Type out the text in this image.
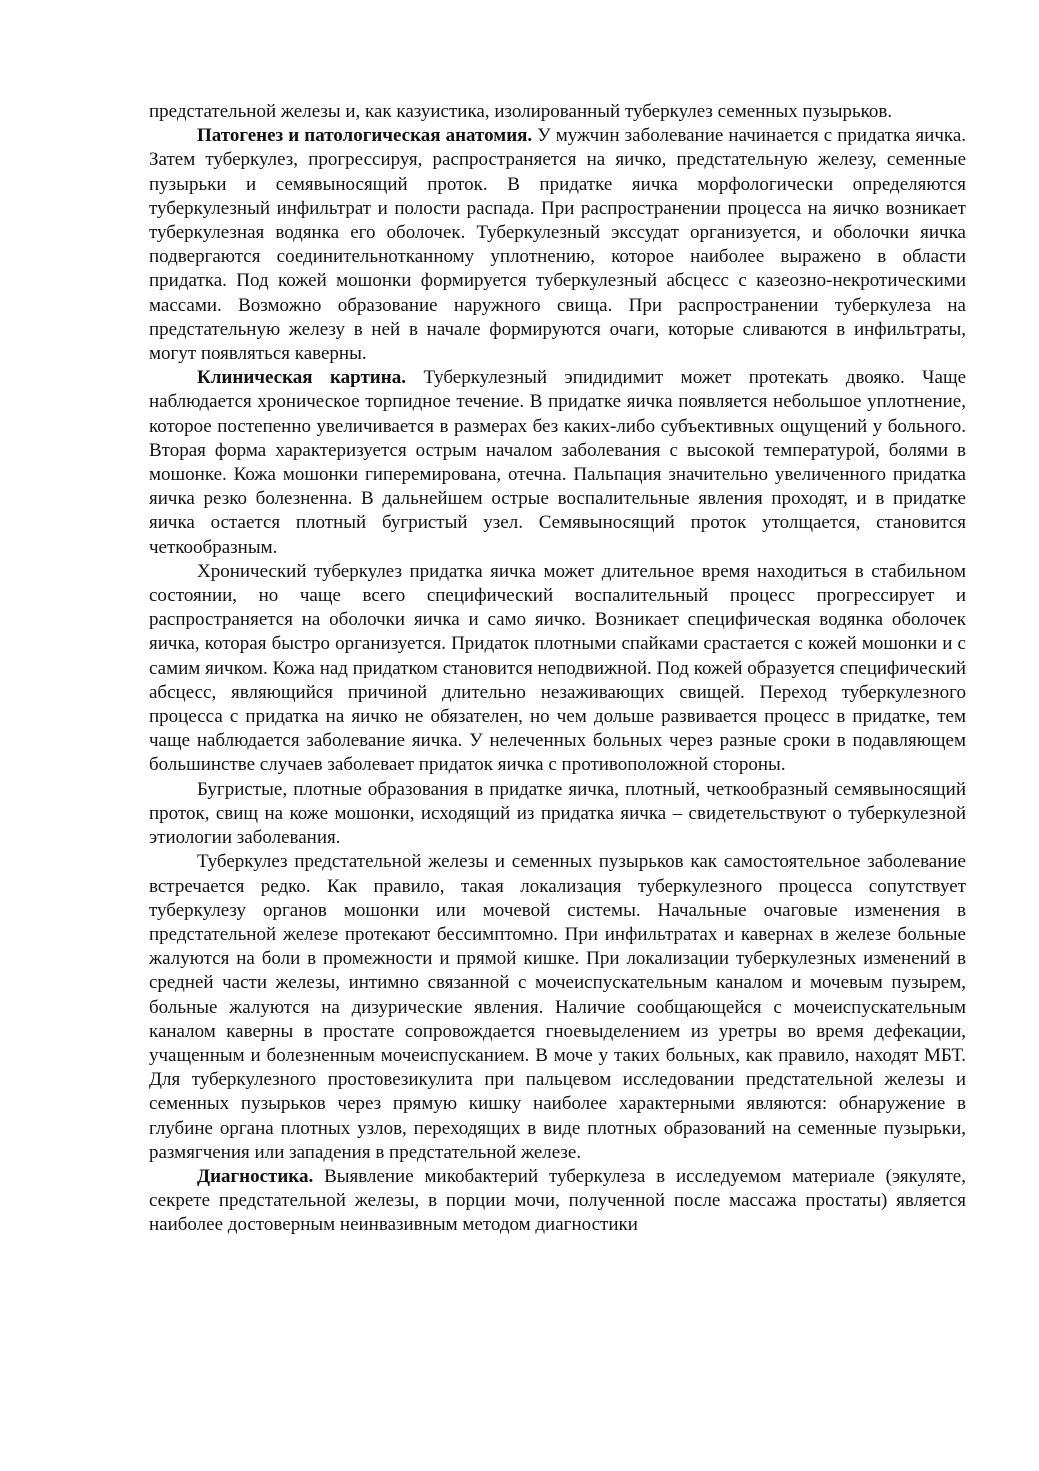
предстательной железы и, как казуистика, изолированный туберкулез семенных пузырьков.

Патогенез и патологическая анатомия. У мужчин заболевание начинается с придатка яичка. Затем туберкулез, прогрессируя, распространяется на яичко, предстательную железу, семенные пузырьки и семявыносящий проток. В придатке яичка морфологически определяются туберкулезный инфильтрат и полости распада. При распространении процесса на яичко возникает туберкулезная водянка его оболочек. Туберкулезный экссудат организуется, и оболочки яичка подвергаются соединительнотканному уплотнению, которое наиболее выражено в области придатка. Под кожей мошонки формируется туберкулезный абсцесс с казеозно-некротическими массами. Возможно образование наружного свища. При распространении туберкулеза на предстательную железу в ней в начале формируются очаги, которые сливаются в инфильтраты, могут появляться каверны.

Клиническая картина. Туберкулезный эпидидимит может протекать двояко. Чаще наблюдается хроническое торпидное течение. В придатке яичка появляется небольшое уплотнение, которое постепенно увеличивается в размерах без каких-либо субъективных ощущений у больного. Вторая форма характеризуется острым началом заболевания с высокой температурой, болями в мошонке. Кожа мошонки гиперемирована, отечна. Пальпация значительно увеличенного придатка яичка резко болезненна. В дальнейшем острые воспалительные явления проходят, и в придатке яичка остается плотный бугристый узел. Семявыносящий проток утолщается, становится четкообразным.

Хронический туберкулез придатка яичка может длительное время находиться в стабильном состоянии, но чаще всего специфический воспалительный процесс прогрессирует и распространяется на оболочки яичка и само яичко. Возникает специфическая водянка оболочек яичка, которая быстро организуется. Придаток плотными спайками срастается с кожей мошонки и с самим яичком. Кожа над придатком становится неподвижной. Под кожей образуется специфический абсцесс, являющийся причиной длительно незаживающих свищей. Переход туберкулезного процесса с придатка на яичко не обязателен, но чем дольше развивается процесс в придатке, тем чаще наблюдается заболевание яичка. У нелеченных больных через разные сроки в подавляющем большинстве случаев заболевает придаток яичка с противоположной стороны.

Бугристые, плотные образования в придатке яичка, плотный, четкообразный семявыносящий проток, свищ на коже мошонки, исходящий из придатка яичка – свидетельствуют о туберкулезной этиологии заболевания.

Туберкулез предстательной железы и семенных пузырьков как самостоятельное заболевание встречается редко. Как правило, такая локализация туберкулезного процесса сопутствует туберкулезу органов мошонки или мочевой системы. Начальные очаговые изменения в предстательной железе протекают бессимптомно. При инфильтратах и кавернах в железе больные жалуются на боли в промежности и прямой кишке. При локализации туберкулезных изменений в средней части железы, интимно связанной с мочеиспускательным каналом и мочевым пузырем, больные жалуются на дизурические явления. Наличие сообщающейся с мочеиспускательным каналом каверны в простате сопровождается гноевыделением из уретры во время дефекации, учащенным и болезненным мочеиспусканием. В моче у таких больных, как правило, находят МБТ. Для туберкулезного простовезикулита при пальцевом исследовании предстательной железы и семенных пузырьков через прямую кишку наиболее характерными являются: обнаружение в глубине органа плотных узлов, переходящих в виде плотных образований на семенные пузырьки, размягчения или западения в предстательной железе.

Диагностика. Выявление микобактерий туберкулеза в исследуемом материале (эякуляте, секрете предстательной железы, в порции мочи, полученной после массажа простаты) является наиболее достоверным неинвазивным методом диагностики
